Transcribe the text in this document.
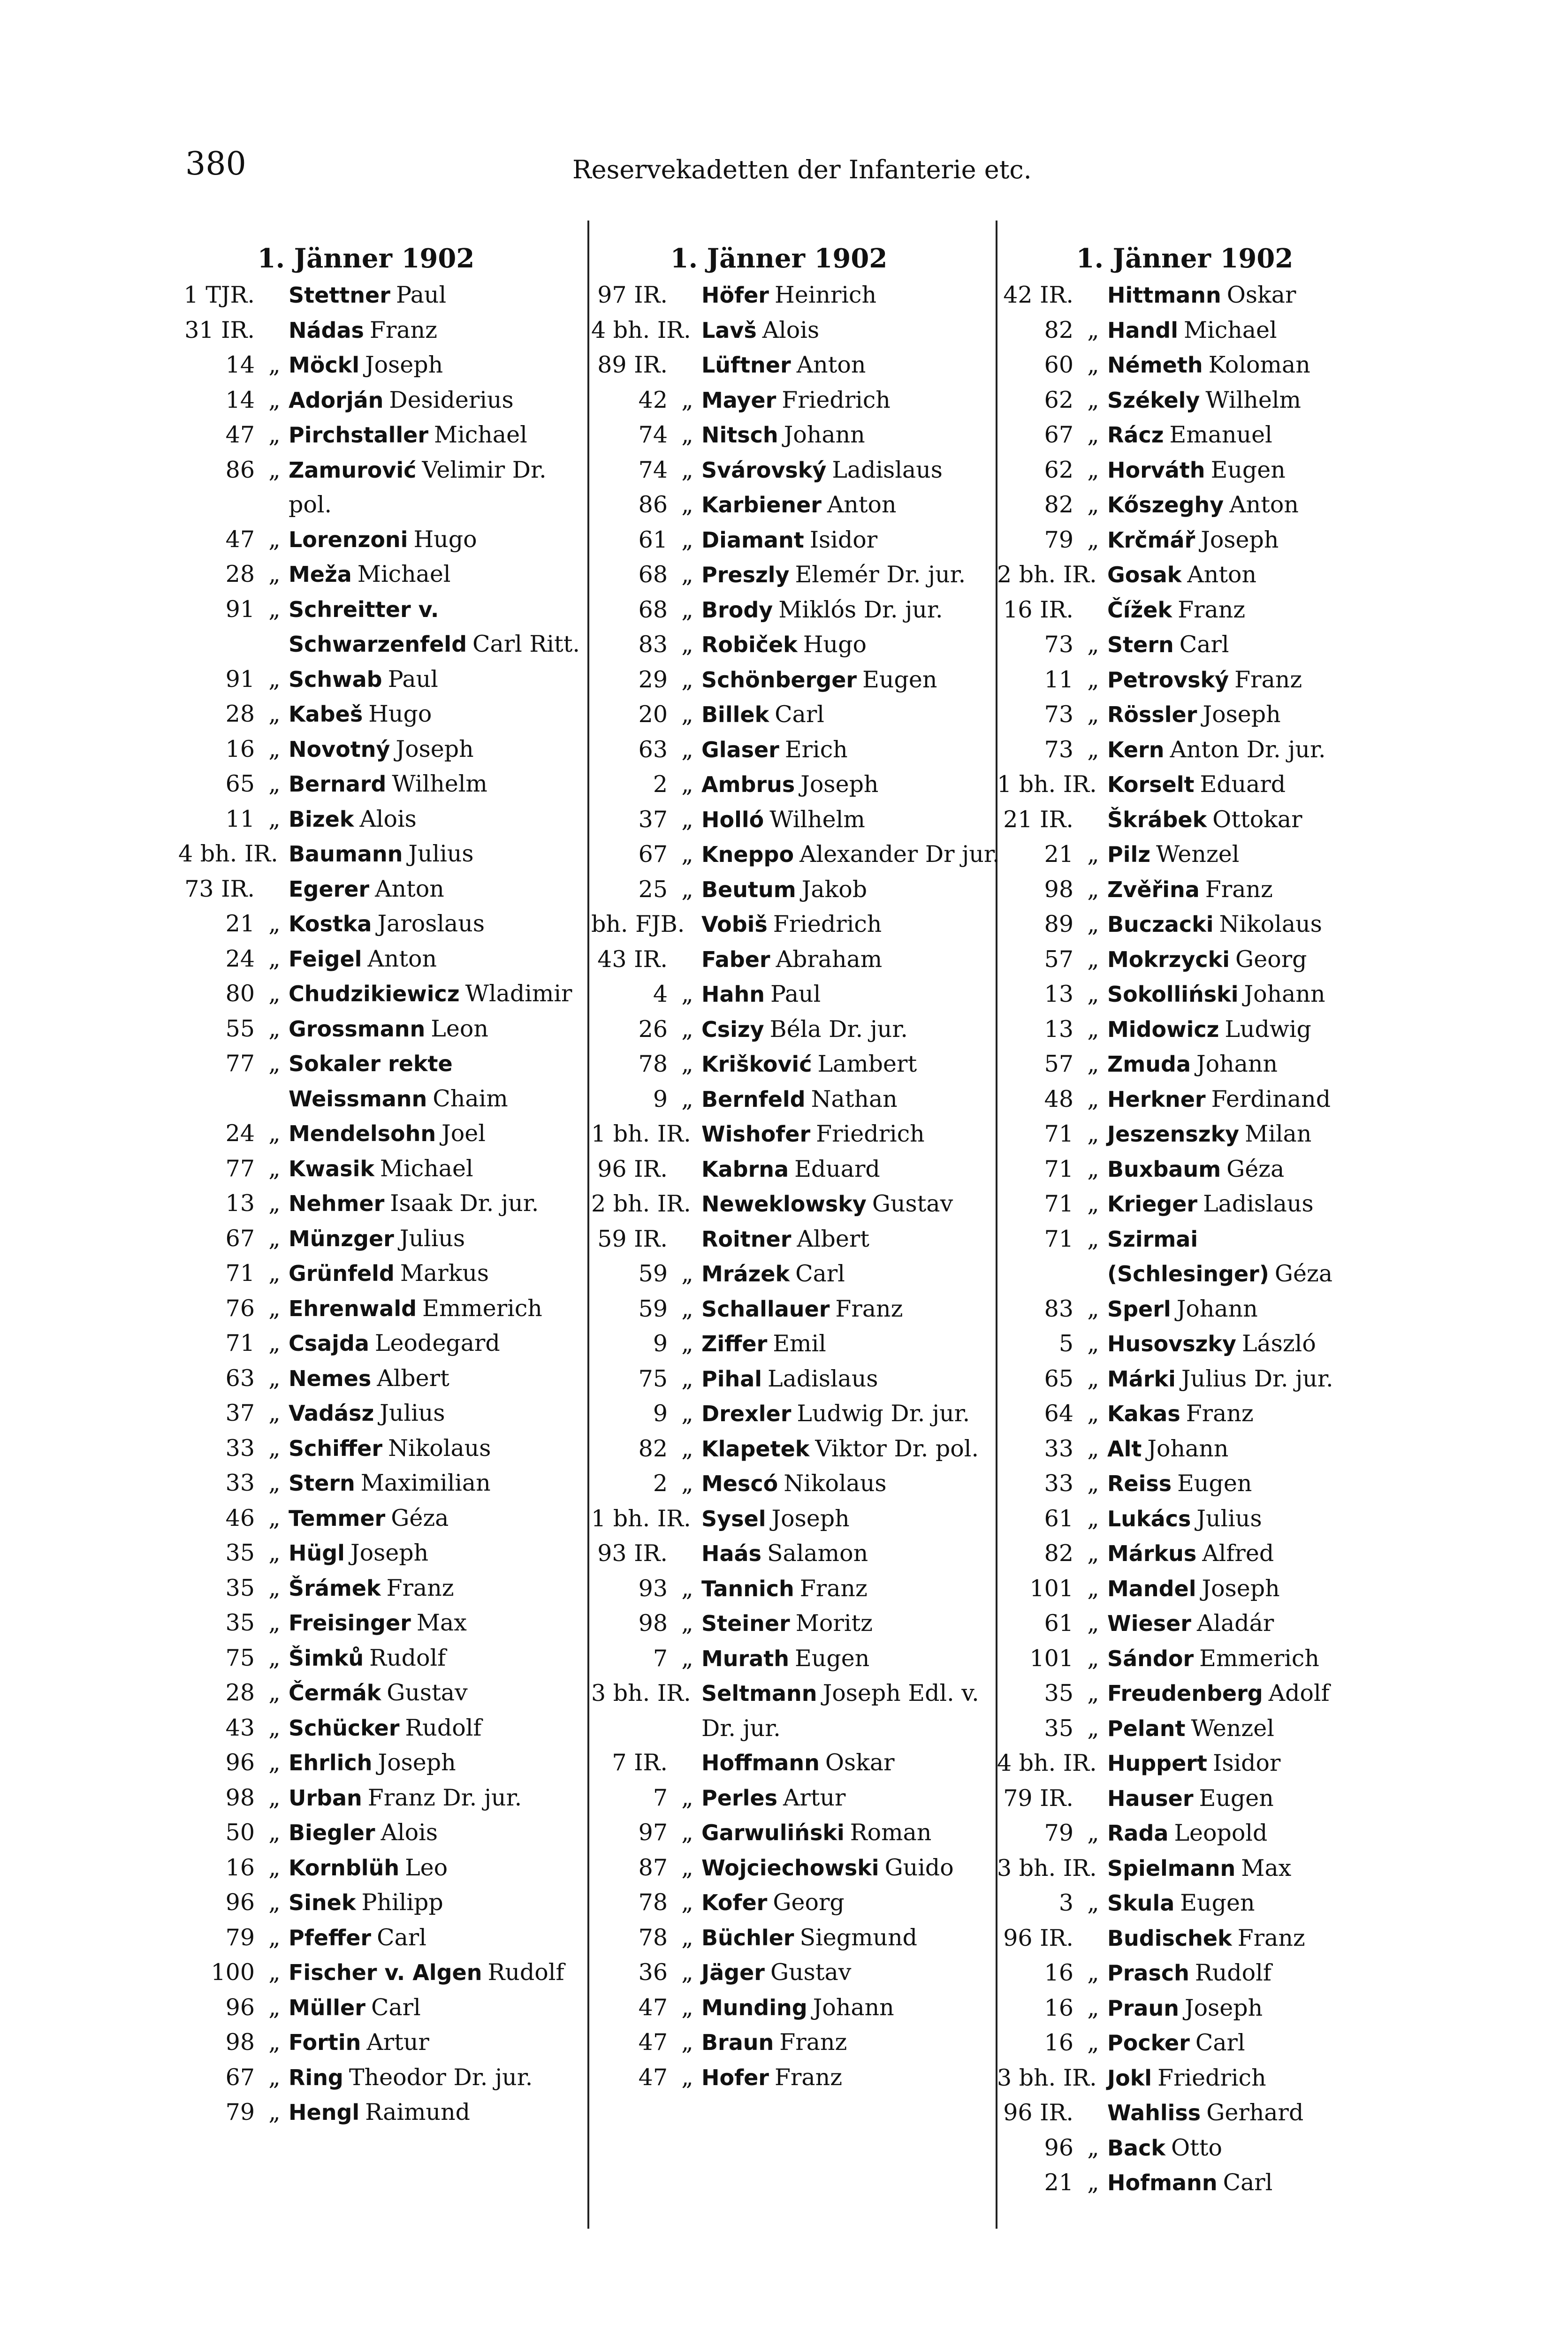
380	Reservekadetten der Infanterie etc.
1. Jänner 1902
1 TJR. Stettner Paul
31 IR. Nádas Franz
14 „ Möckl Joseph
14 „ Adorján Desiderius
47 „ Pirchstaller Michael
86 „ Zamurović Velimir Dr. pol.
47 „ Lorenzoni Hugo
28 „ Meža Michael
91 „ Schreitter v. Schwarzenfeld Carl Ritt.
91 „ Schwab Paul
28 „ Kabeš Hugo
16 „ Novotný Joseph
65 „ Bernard Wilhelm
11 „ Bizek Alois
4 bh. IR. Baumann Julius
73 IR. Egerer Anton
21 „ Kostka Jaroslaus
24 „ Feigel Anton
80 „ Chudzikiewicz Wladimir
55 „ Grossmann Leon
77 „ Sokaler rekte Weissmann Chaim
24 „ Mendelsohn Joel
77 „ Kwasik Michael
13 „ Nehmer Isaak Dr. jur.
67 „ Münzger Julius
71 „ Grünfeld Markus
76 „ Ehrenwald Emmerich
71 „ Csajda Leodegard
63 „ Nemes Albert
37 „ Vadász Julius
33 „ Schiffer Nikolaus
33 „ Stern Maximilian
46 „ Temmer Géza
35 „ Hügl Joseph
35 „ Šrámek Franz
35 „ Freisinger Max
75 „ Šimků Rudolf
28 „ Čermák Gustav
43 „ Schücker Rudolf
96 „ Ehrlich Joseph
98 „ Urban Franz Dr. jur.
50 „ Biegler Alois
16 „ Kornblüh Leo
96 „ Sinek Philipp
79 „ Pfeffer Carl
100 „ Fischer v. Algen Rudolf
96 „ Müller Carl
98 „ Fortin Artur
67 „ Ring Theodor Dr. jur.
79 „ Hengl Raimund
1. Jänner 1902
97 IR. Höfer Heinrich
4 bh. IR. Lavš Alois
89 IR. Lüftner Anton
42 „ Mayer Friedrich
74 „ Nitsch Johann
74 „ Svárovský Ladislaus
86 „ Karbiener Anton
61 „ Diamant Isidor
68 „ Preszly Elemér Dr. jur.
68 „ Brody Miklós Dr. jur.
83 „ Robiček Hugo
29 „ Schönberger Eugen
20 „ Billek Carl
63 „ Glaser Erich
2 „ Ambrus Joseph
37 „ Holló Wilhelm
67 „ Kneppo Alexander Dr jur.
25 „ Beutum Jakob
bh. FJB. Vobiš Friedrich
43 IR. Faber Abraham
4 „ Hahn Paul
26 „ Csizy Béla Dr. jur.
78 „ Krišković Lambert
9 „ Bernfeld Nathan
1 bh. IR. Wishofer Friedrich
96 IR. Kabrna Eduard
2 bh. IR. Neweklowsky Gustav
59 IR. Roitner Albert
59 „ Mrázek Carl
59 „ Schallauer Franz
9 „ Ziffer Emil
75 „ Pihal Ladislaus
9 „ Drexler Ludwig Dr. jur.
82 „ Klapetek Viktor Dr. pol.
2 „ Mescó Nikolaus
1 bh. IR. Sysel Joseph
93 IR. Haás Salamon
93 „ Tannich Franz
98 „ Steiner Moritz
7 „ Murath Eugen
3 bh. IR. Seltmann Joseph Edl. v. Dr. jur.
7 IR. Hoffmann Oskar
7 „ Perles Artur
97 „ Garwuliński Roman
87 „ Wojciechowski Guido
78 „ Kofer Georg
78 „ Büchler Siegmund
36 „ Jäger Gustav
47 „ Munding Johann
47 „ Braun Franz
47 „ Hofer Franz
1. Jänner 1902
42 IR. Hittmann Oskar
82 „ Handl Michael
60 „ Németh Koloman
62 „ Székely Wilhelm
67 „ Rácz Emanuel
62 „ Horváth Eugen
82 „ Kőszeghy Anton
79 „ Krčmář Joseph
2 bh. IR. Gosak Anton
16 IR. Čížek Franz
73 „ Stern Carl
11 „ Petrovský Franz
73 „ Rössler Joseph
73 „ Kern Anton Dr. jur.
1 bh. IR. Korselt Eduard
21 IR. Škrábek Ottokar
21 „ Pilz Wenzel
98 „ Zvěřina Franz
89 „ Buczacki Nikolaus
57 „ Mokrzycki Georg
13 „ Sokolliński Johann
13 „ Midowicz Ludwig
57 „ Zmuda Johann
48 „ Herkner Ferdinand
71 „ Jeszenszky Milan
71 „ Buxbaum Géza
71 „ Krieger Ladislaus
71 „ Szirmai (Schlesinger) Géza
83 „ Sperl Johann
5 „ Husovszky László
65 „ Márki Julius Dr. jur.
64 „ Kakas Franz
33 „ Alt Johann
33 „ Reiss Eugen
61 „ Lukács Julius
82 „ Márkus Alfred
101 „ Mandel Joseph
61 „ Wieser Aladár
101 „ Sándor Emmerich
35 „ Freudenberg Adolf
35 „ Pelant Wenzel
4 bh. IR. Huppert Isidor
79 IR. Hauser Eugen
79 „ Rada Leopold
3 bh. IR. Spielmann Max
3 „ Skula Eugen
96 IR. Budischek Franz
16 „ Prasch Rudolf
16 „ Praun Joseph
16 „ Pocker Carl
3 bh. IR. Jokl Friedrich
96 IR. Wahliss Gerhard
96 „ Back Otto
21 „ Hofmann Carl
